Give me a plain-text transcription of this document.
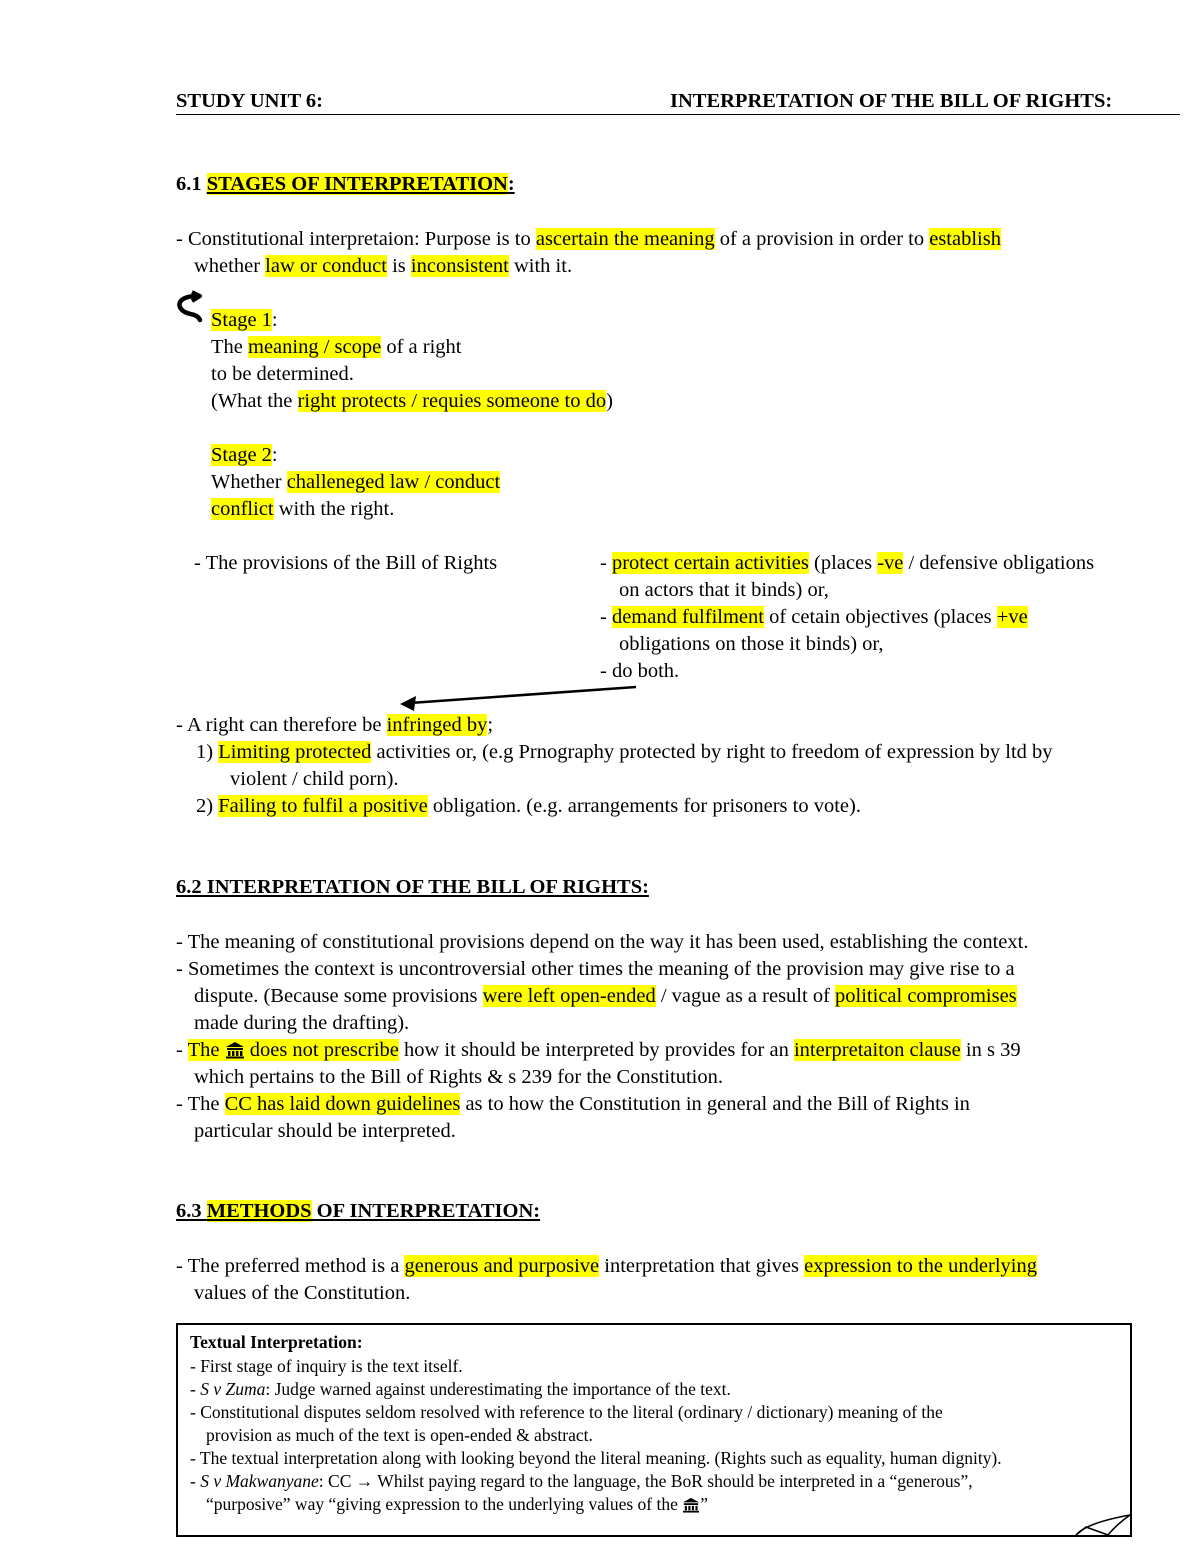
STUDY UNIT 6:	INTERPRETATION OF THE BILL OF RIGHTS:
6.1 STAGES OF INTERPRETATION:
- Constitutional interpretaion: Purpose is to ascertain the meaning of a provision in order to establish
whether law or conduct is inconsistent with it.
Stage 1:
The meaning / scope of a right
to be determined.
(What the right protects / requies someone to do)
Stage 2:
Whether challeneged law / conduct
conflict with the right.
- The provisions of the Bill of Rights	- protect certain activities (places -ve / defensive obligations
on actors that it binds) or,
- demand fulfilment of cetain objectives (places +ve
obligations on those it binds) or,
- do both.
- A right can therefore be infringed by;
1) Limiting protected activities or, (e.g Prnography protected by right to freedom of expression by ltd by
violent / child porn).
2) Failing to fulfil a positive obligation. (e.g. arrangements for prisoners to vote).
6.2 INTERPRETATION OF THE BILL OF RIGHTS:
- The meaning of constitutional provisions depend on the way it has been used, establishing the context.
- Sometimes the context is uncontroversial other times the meaning of the provision may give rise to a
dispute. (Because some provisions were left open-ended / vague as a result of political compromises
made during the drafting).
- The  does not prescribe how it should be interpreted by provides for an interpretaiton clause in s 39
which pertains to the Bill of Rights & s 239 for the Constitution.
- The CC has laid down guidelines as to how the Constitution in general and the Bill of Rights in
particular should be interpreted.
6.3 METHODS OF INTERPRETATION:
- The preferred method is a generous and purposive interpretation that gives expression to the underlying
values of the Constitution.
Textual Interpretation:
- First stage of inquiry is the text itself.
- S v Zuma: Judge warned against underestimating the importance of the text.
- Constitutional disputes seldom resolved with reference to the literal (ordinary / dictionary) meaning of the
provision as much of the text is open-ended & abstract.
- The textual interpretation along with looking beyond the literal meaning. (Rights such as equality, human dignity).
- S v Makwanyane: CC → Whilst paying regard to the language, the BoR should be interpreted in a “generous”,
“purposive” way “giving expression to the underlying values of the ”
